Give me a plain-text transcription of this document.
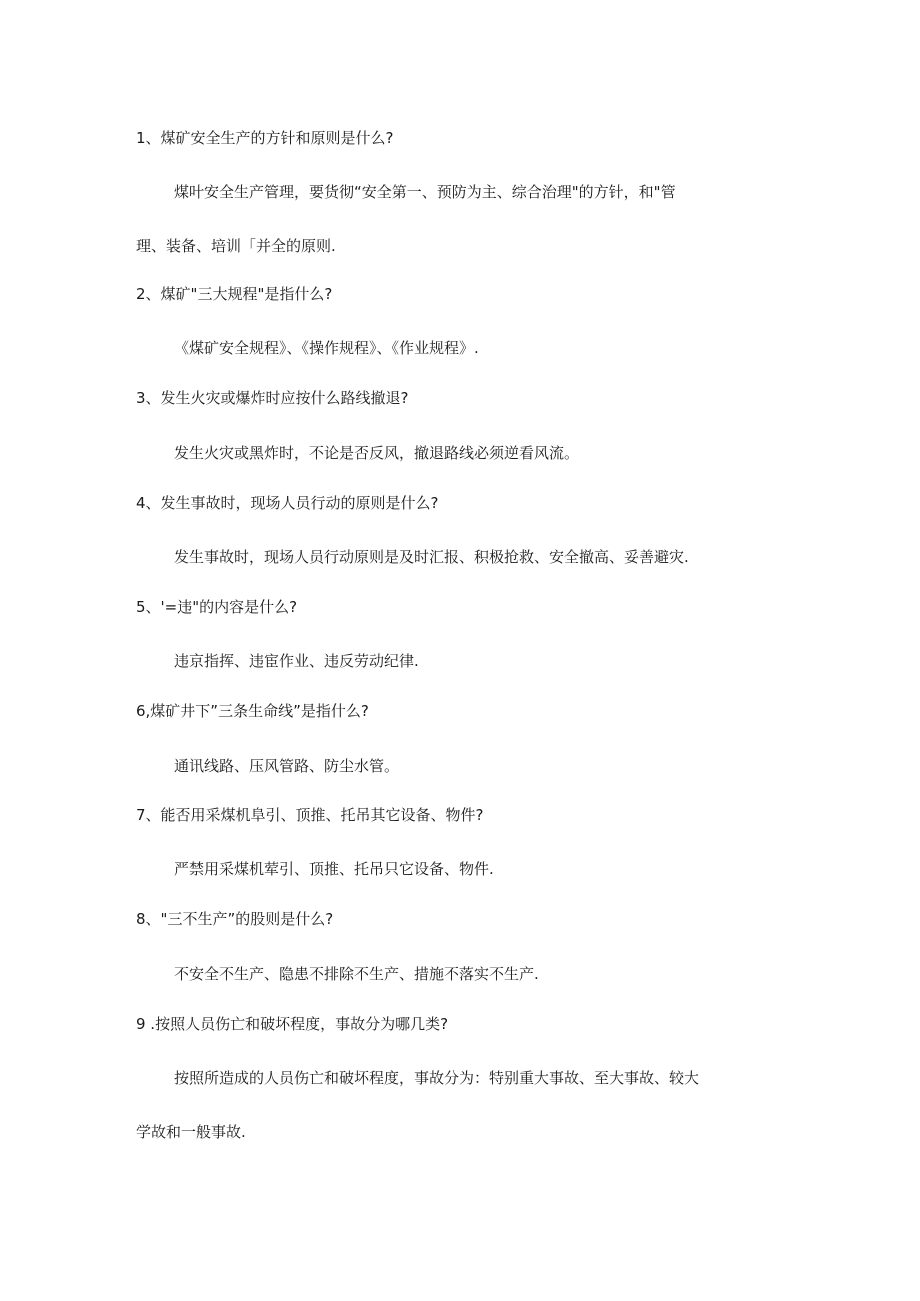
1、煤矿安全生产的方针和原则是什么?
煤叶安全生产管理，要货彻“安全第一、预防为主、综合治理"的方针，和"管
理、装备、培训「并全的原则.
2、煤矿"三大规程"是指什么?
《煤矿安全规程》、《操作规程》、《作业规程》.
3、发生火灾或爆炸时应按什么路线撤退?
发生火灾或黑炸时，不论是否反风，撤退路线必须逆看风流。
4、发生事故时，现场人员行动的原则是什么?
发生事故时，现场人员行动原则是及时汇报、积极抢救、安全撤高、妥善避灾.
5、'=违"的内容是什么?
违京指挥、违宦作业、违反劳动纪律.
6,煤矿井下”三条生命线”是指什么?
通讯线路、压风管路、防尘水管。
7、能否用采煤机阜引、顶推、托吊其它设备、物件?
严禁用采煤机荤引、顶推、托吊只它设备、物件.
8、"三不生产”的股则是什么?
不安全不生产、隐患不排除不生产、措施不落实不生产.
9 .按照人员伤亡和破坏程度，事故分为哪几类?
按照所造成的人员伤亡和破坏程度，事故分为：特别重大事故、至大事故、较大
学故和一般事故.
